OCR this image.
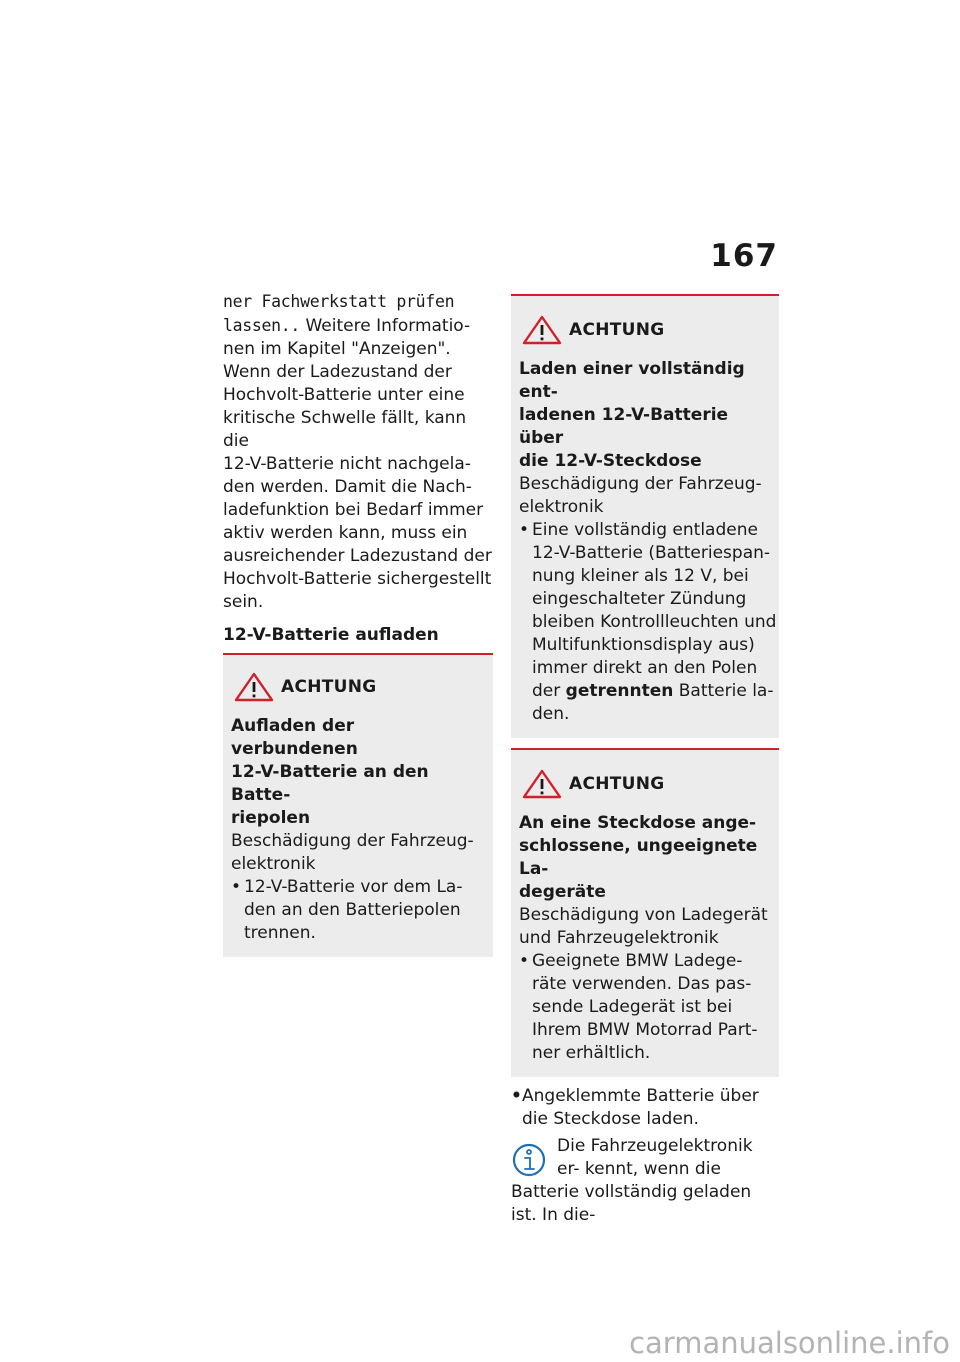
167

ner Fachwerkstatt prüfen

lassen.. Weitere Informatio-

nen im Kapitel "Anzeigen".

Wenn der Ladezustand der

Hochvolt-Batterie unter eine

kritische Schwelle fällt, kann die

12-V-Batterie nicht nachgela-

den werden. Damit die Nach-

ladefunktion bei Bedarf immer

aktiv werden kann, muss ein

ausreichender Ladezustand der

Hochvolt-Batterie sichergestellt

sein.

12-V-Batterie aufladen
ACHTUNG

Aufladen der verbundenen

12-V-Batterie an den Batte-

riepolen

Beschädigung der Fahrzeug-

elektronik

• 12-V-Batterie vor dem La- den an den Batteriepolen trennen.
ACHTUNG

Laden einer vollständig ent-

ladenen 12-V-Batterie über

die 12-V-Steckdose

Beschädigung der Fahrzeug-

elektronik

• Eine vollständig entladene 12-V-Batterie (Batteriespan- nung kleiner als 12 V, bei eingeschalteter Zündung bleiben Kontrollleuchten und Multifunktionsdisplay aus) immer direkt an den Polen der getrennten Batterie la- den.
ACHTUNG

An eine Steckdose ange-

schlossene, ungeeignete La-

degeräte

Beschädigung von Ladegerät

und Fahrzeugelektronik

• Geeignete BMW Ladege- räte verwenden. Das pas- sende Ladegerät ist bei Ihrem BMW Motorrad Part- ner erhältlich.

•Angeklemmte Batterie über die Steckdose laden.

Die Fahrzeugelektronik er- kennt, wenn die Batterie vollständig geladen ist. In die-

carmanualsonline.info
